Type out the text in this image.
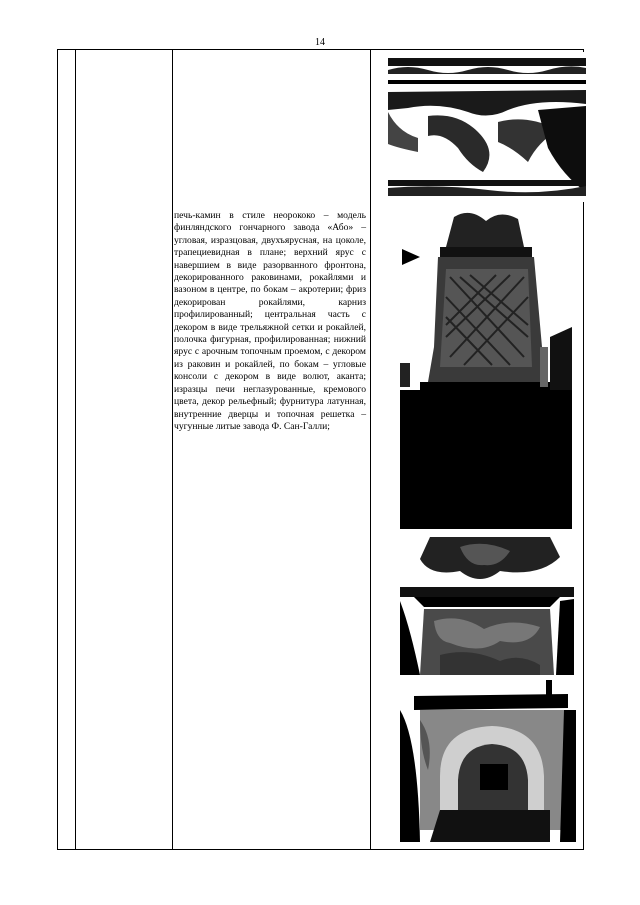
14
печь-камин в стиле неорококо – модель финляндского гончарного завода «Або» – угловая, изразцовая, двухъярусная, на цоколе, трапециевидная в плане; верхний ярус с навершием в виде разорванного фронтона, декорированного раковинами, рокайлями и вазоном в центре, по бокам – акротерии; фриз декорирован рокайлями, карниз профилированный; центральная часть с декором в виде трельяжной сетки и рокайлей, полочка фигурная, профилированная; нижний ярус с арочным топочным проемом, с декором из раковин и рокайлей, по бокам – угловые консоли с декором в виде волют, аканта; изразцы печи неглазурованные, кремового цвета, декор рельефный; фурнитура латунная, внутренние дверцы и топочная решетка – чугунные литые завода Ф. Сан-Галли;
